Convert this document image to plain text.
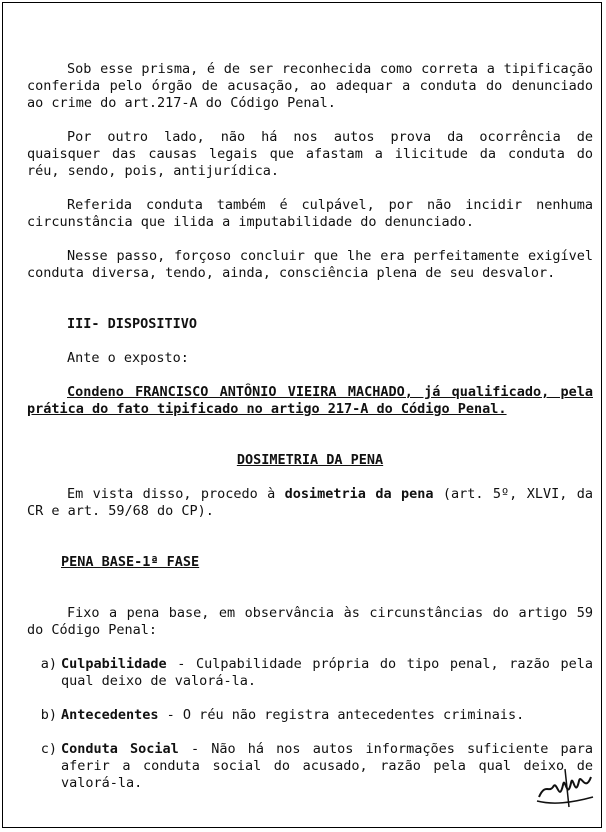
Sob esse prisma, é de ser reconhecida como correta a tipificação conferida pelo órgão de acusação, ao adequar a conduta do denunciado ao crime do art.217-A do Código Penal.

Por outro lado, não há nos autos prova da ocorrência de quaisquer das causas legais que afastam a ilicitude da conduta do réu, sendo, pois, antijurídica.

Referida conduta também é culpável, por não incidir nenhuma circunstância que ilida a imputabilidade do denunciado.

Nesse passo, forçoso concluir que lhe era perfeitamente exigível conduta diversa, tendo, ainda, consciência plena de seu desvalor.

III- DISPOSITIVO

Ante o exposto:

Condeno FRANCISCO ANTÔNIO VIEIRA MACHADO, já qualificado, pela prática do fato tipificado no artigo 217-A do Código Penal.

DOSIMETRIA DA PENA

Em vista disso, procedo à dosimetria da pena (art. 5º, XLVI, da CR e art. 59/68 do CP).

PENA BASE-1ª FASE

Fixo a pena base, em observância às circunstâncias do artigo 59 do Código Penal:

a) Culpabilidade - Culpabilidade própria do tipo penal, razão pela qual deixo de valorá-la.
b) Antecedentes - O réu não registra antecedentes criminais.
c) Conduta Social - Não há nos autos informações suficiente para aferir a conduta social do acusado, razão pela qual deixo de valorá-la.
